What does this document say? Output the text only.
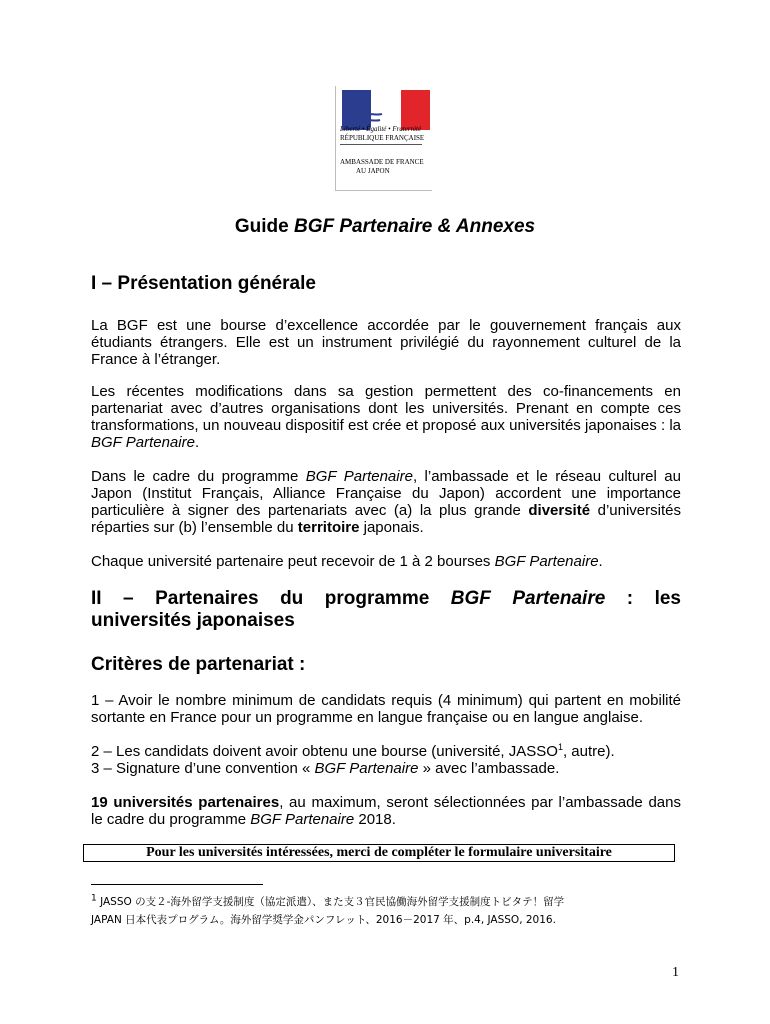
Liberté • Égalité • Fraternité
RÉPUBLIQUE FRANÇAISE
AMBASSADE DE FRANCE
AU JAPON
Guide BGF Partenaire & Annexes
I – Présentation générale

La BGF est une bourse d’excellence accordée par le gouvernement français aux étudiants étrangers. Elle est un instrument privilégié du rayonnement culturel de la France à l’étranger.

Les récentes modifications dans sa gestion permettent des co-financements en partenariat avec d’autres organisations dont les universités. Prenant en compte ces transformations, un nouveau dispositif est crée et proposé aux universités japonaises : la BGF Partenaire.

Dans le cadre du programme BGF Partenaire, l’ambassade et le réseau culturel au Japon (Institut Français, Alliance Française du Japon) accordent une importance particulière à signer des partenariats avec (a) la plus grande diversité d’universités réparties sur (b) l’ensemble du territoire japonais.

Chaque université partenaire peut recevoir de 1 à 2 bourses BGF Partenaire.

II – Partenaires du programme BGF Partenaire : les
universités japonaises
Critères de partenariat :

1 – Avoir le nombre minimum de candidats requis (4 minimum) qui partent en mobilité sortante en France pour un programme en langue française ou en langue anglaise.

2 – Les candidats doivent avoir obtenu une bourse (université, JASSO$^1$, autre).

3 – Signature d’une convention « BGF Partenaire » avec l’ambassade.

19 universités partenaires, au maximum, seront sélectionnées par l’ambassade dans le cadre du programme BGF Partenaire 2018.

Pour les universités intéressées, merci de compléter le formulaire universitaire
$^1$ JASSO の支２-海外留学支援制度（協定派遣）、また支３官民協働海外留学支援制度トビタテ！留学
JAPAN 日本代表プログラム。海外留学奨学金パンフレット、2016－2017 年、p.4, JASSO, 2016.
1
